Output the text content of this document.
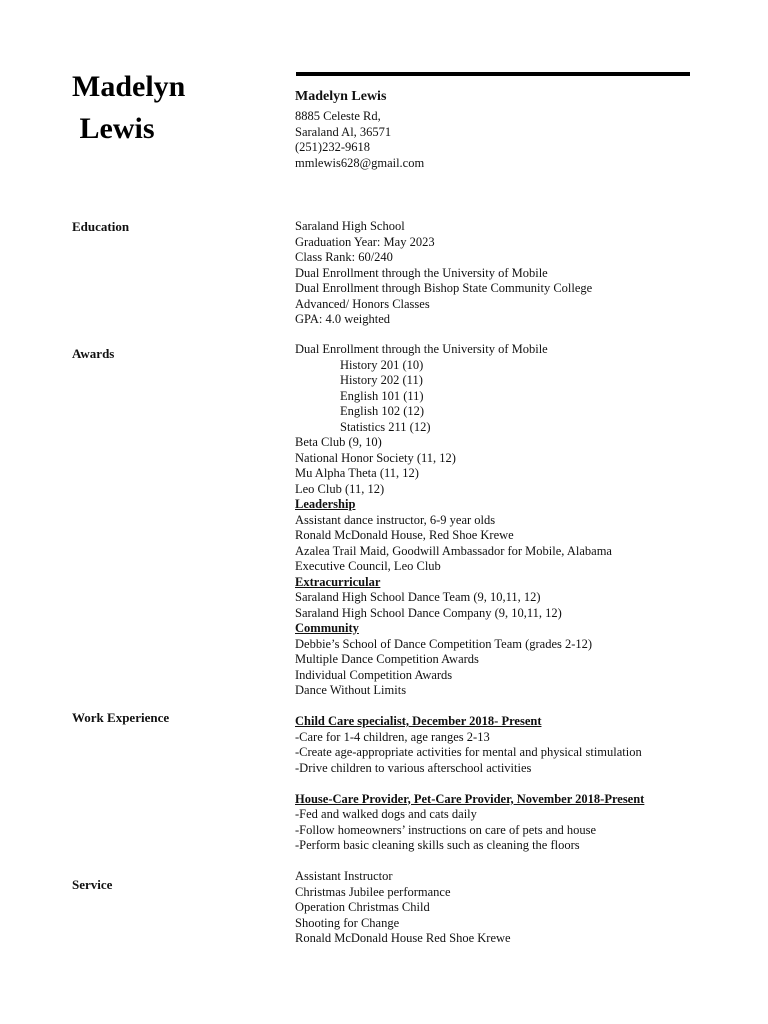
Madelyn
Lewis
Madelyn Lewis
8885 Celeste Rd,
Saraland Al, 36571
(251)232-9618
mmlewis628@gmail.com
Education	Saraland High School
Graduation Year: May 2023
Class Rank: 60/240
Dual Enrollment through the University of Mobile
Dual Enrollment through Bishop State Community College
Advanced/ Honors Classes
GPA: 4.0 weighted
Awards	Dual Enrollment through the University of Mobile
History 201 (10)
History 202 (11)
English 101 (11)
English 102 (12)
Statistics 211 (12)
Beta Club (9, 10)
National Honor Society (11, 12)
Mu Alpha Theta (11, 12)
Leo Club (11, 12)
Leadership
Assistant dance instructor, 6-9 year olds
Ronald McDonald House, Red Shoe Krewe
Azalea Trail Maid, Goodwill Ambassador for Mobile, Alabama
Executive Council, Leo Club
Extracurricular
Saraland High School Dance Team (9, 10,11, 12)
Saraland High School Dance Company (9, 10,11, 12)
Community
Debbie’s School of Dance Competition Team (grades 2-12)
Multiple Dance Competition Awards
Individual Competition Awards
Dance Without Limits
Work Experience	Child Care specialist, December 2018- Present
-Care for 1-4 children, age ranges 2-13
-Create age-appropriate activities for mental and physical stimulation
-Drive children to various afterschool activities
House-Care Provider, Pet-Care Provider, November 2018-Present
-Fed and walked dogs and cats daily
-Follow homeowners’ instructions on care of pets and house
-Perform basic cleaning skills such as cleaning the floors
Service
Assistant Instructor
Christmas Jubilee performance
Operation Christmas Child
Shooting for Change
Ronald McDonald House Red Shoe Krewe
